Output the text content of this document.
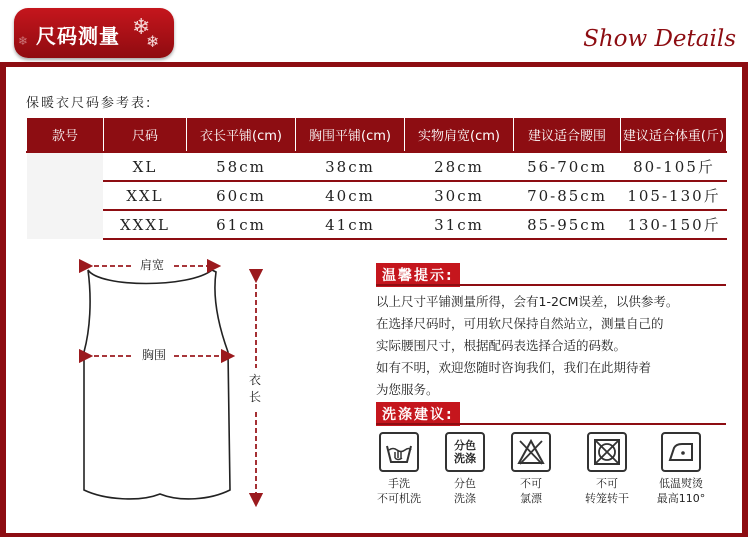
尺码测量 ❄
❄
❄	Show Details
保暖衣尺码参考表:
款号	尺码	衣长平铺(cm)	胸围平铺(cm)	实物肩宽(cm)	建议适合腰围	建议适合体重(斤)
	XL	58cm	38cm	28cm	56-70cm	80-105斤
	XXL	60cm	40cm	30cm	70-85cm	105-130斤
	XXXL	61cm	41cm	31cm	85-95cm	130-150斤
肩宽
胸围
衣
长
温馨提示:
以上尺寸平铺测量所得，会有1-2CM误差，以供参考。
在选择尺码时，可用软尺保持自然站立，测量自己的
实际腰围尺寸，根据配码表选择合适的码数。
如有不明，欢迎您随时咨询我们，我们在此期待着
为您服务。
洗涤建议:
手洗
不可机洗
分色
洗涤
分色
洗涤
不可
氯漂
不可
转笼转干
低温熨烫
最高110°
